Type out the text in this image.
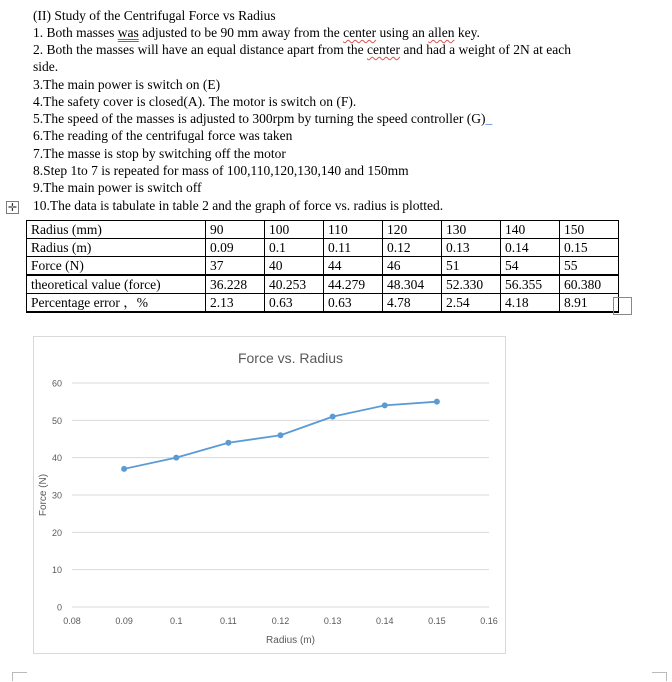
(II) Study of the Centrifugal Force vs Radius

1. Both masses was adjusted to be 90 mm away from the center using an allen key.

2. Both the masses will have an equal distance apart from the center and had a weight of 2N at each

side.

3.The main power is switch on (E)

4.The safety cover is closed(A). The motor is switch on (F).

5.The speed of the masses is adjusted to 300rpm by turning the speed controller (G)_

6.The reading of the centrifugal force was taken

7.The masse is stop by switching off the motor

8.Step 1to 7 is repeated for mass of 100,110,120,130,140 and 150mm

9.The main power is switch off

✛ 10.The data is tabulate in table 2 and the graph of force vs. radius is plotted.

Radius (mm)	90	100	110	120	130	140	150
Radius (m)	0.09	0.1	0.11	0.12	0.13	0.14	0.15
Force (N)	37	40	44	46	51	54	55
theoretical value (force)	36.228	40.253	44.279	48.304	52.330	56.355	60.380
Percentage error ，%	2.13	0.63	0.63	4.78	2.54	4.18	8.91
0
10
20
30
40
50
60
0.08	0.09	0.1	0.11	0.12	0.13	0.14	0.15	0.16
Force vs. Radius
Radius (m)
Force (N)
